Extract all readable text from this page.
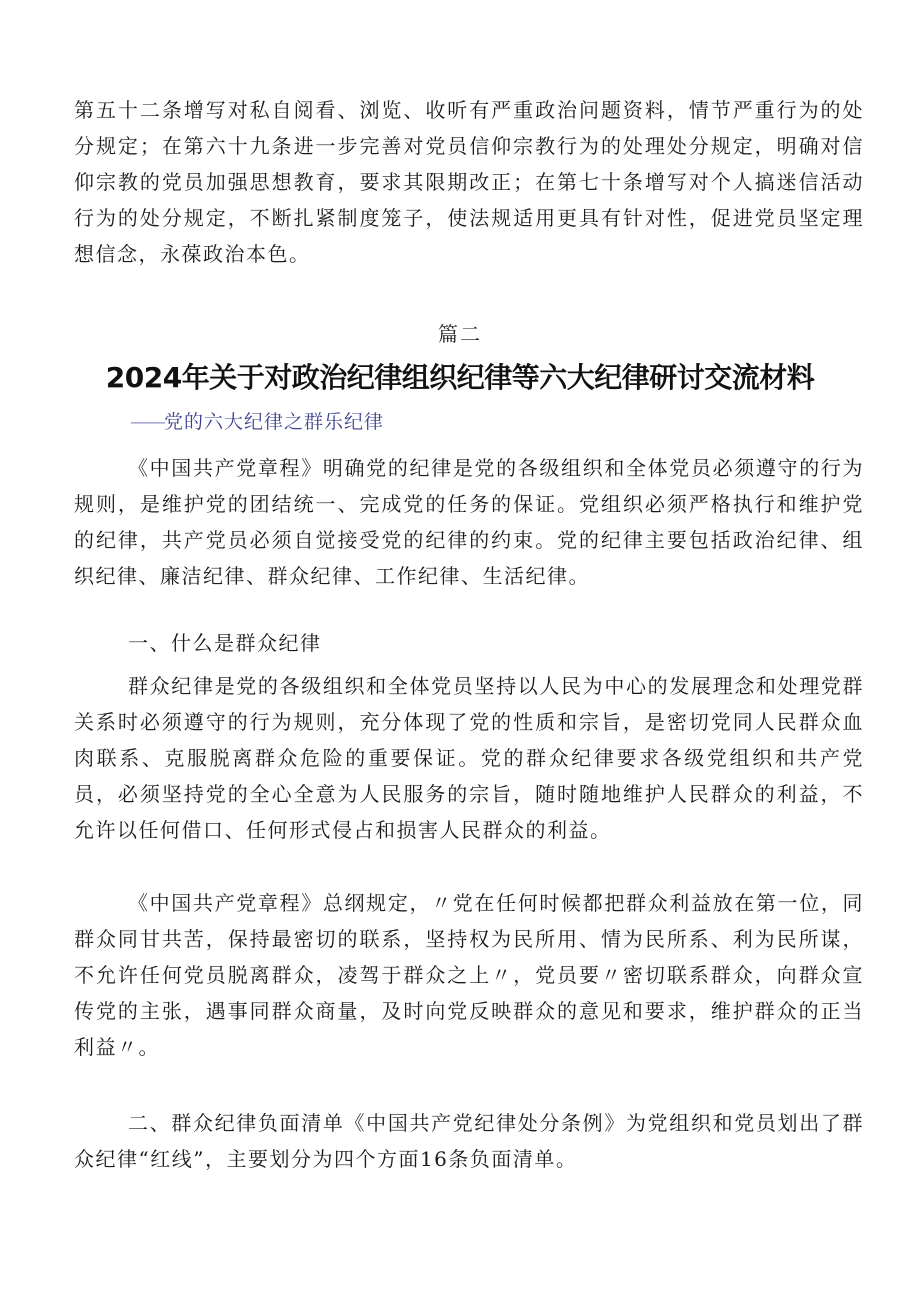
第五十二条增写对私自阅看、浏览、收听有严重政治问题资料，情节严重行为的处分规定；在第六十九条进一步完善对党员信仰宗教行为的处理处分规定，明确对信仰宗教的党员加强思想教育，要求其限期改正；在第七十条增写对个人搞迷信活动行为的处分规定，不断扎紧制度笼子，使法规适用更具有针对性，促进党员坚定理想信念，永葆政治本色。

篇二

2024年关于对政治纪律组织纪律等六大纪律研讨交流材料

——党的六大纪律之群乐纪律

《中国共产党章程》明确党的纪律是党的各级组织和全体党员必须遵守的行为规则，是维护党的团结统一、完成党的任务的保证。党组织必须严格执行和维护党的纪律，共产党员必须自觉接受党的纪律的约束。党的纪律主要包括政治纪律、组织纪律、廉洁纪律、群众纪律、工作纪律、生活纪律。

一、什么是群众纪律

群众纪律是党的各级组织和全体党员坚持以人民为中心的发展理念和处理党群关系时必须遵守的行为规则，充分体现了党的性质和宗旨，是密切党同人民群众血肉联系、克服脱离群众危险的重要保证。党的群众纪律要求各级党组织和共产党员，必须坚持党的全心全意为人民服务的宗旨，随时随地维护人民群众的利益，不允许以任何借口、任何形式侵占和损害人民群众的利益。

《中国共产党章程》总纲规定，〃党在任何时候都把群众利益放在第一位，同群众同甘共苦，保持最密切的联系，坚持权为民所用、情为民所系、利为民所谋，不允许任何党员脱离群众，凌驾于群众之上〃，党员要〃密切联系群众，向群众宣传党的主张，遇事同群众商量，及时向党反映群众的意见和要求，维护群众的正当利益〃。

二、群众纪律负面清单《中国共产党纪律处分条例》为党组织和党员划出了群众纪律“红线”，主要划分为四个方面16条负面清单。
